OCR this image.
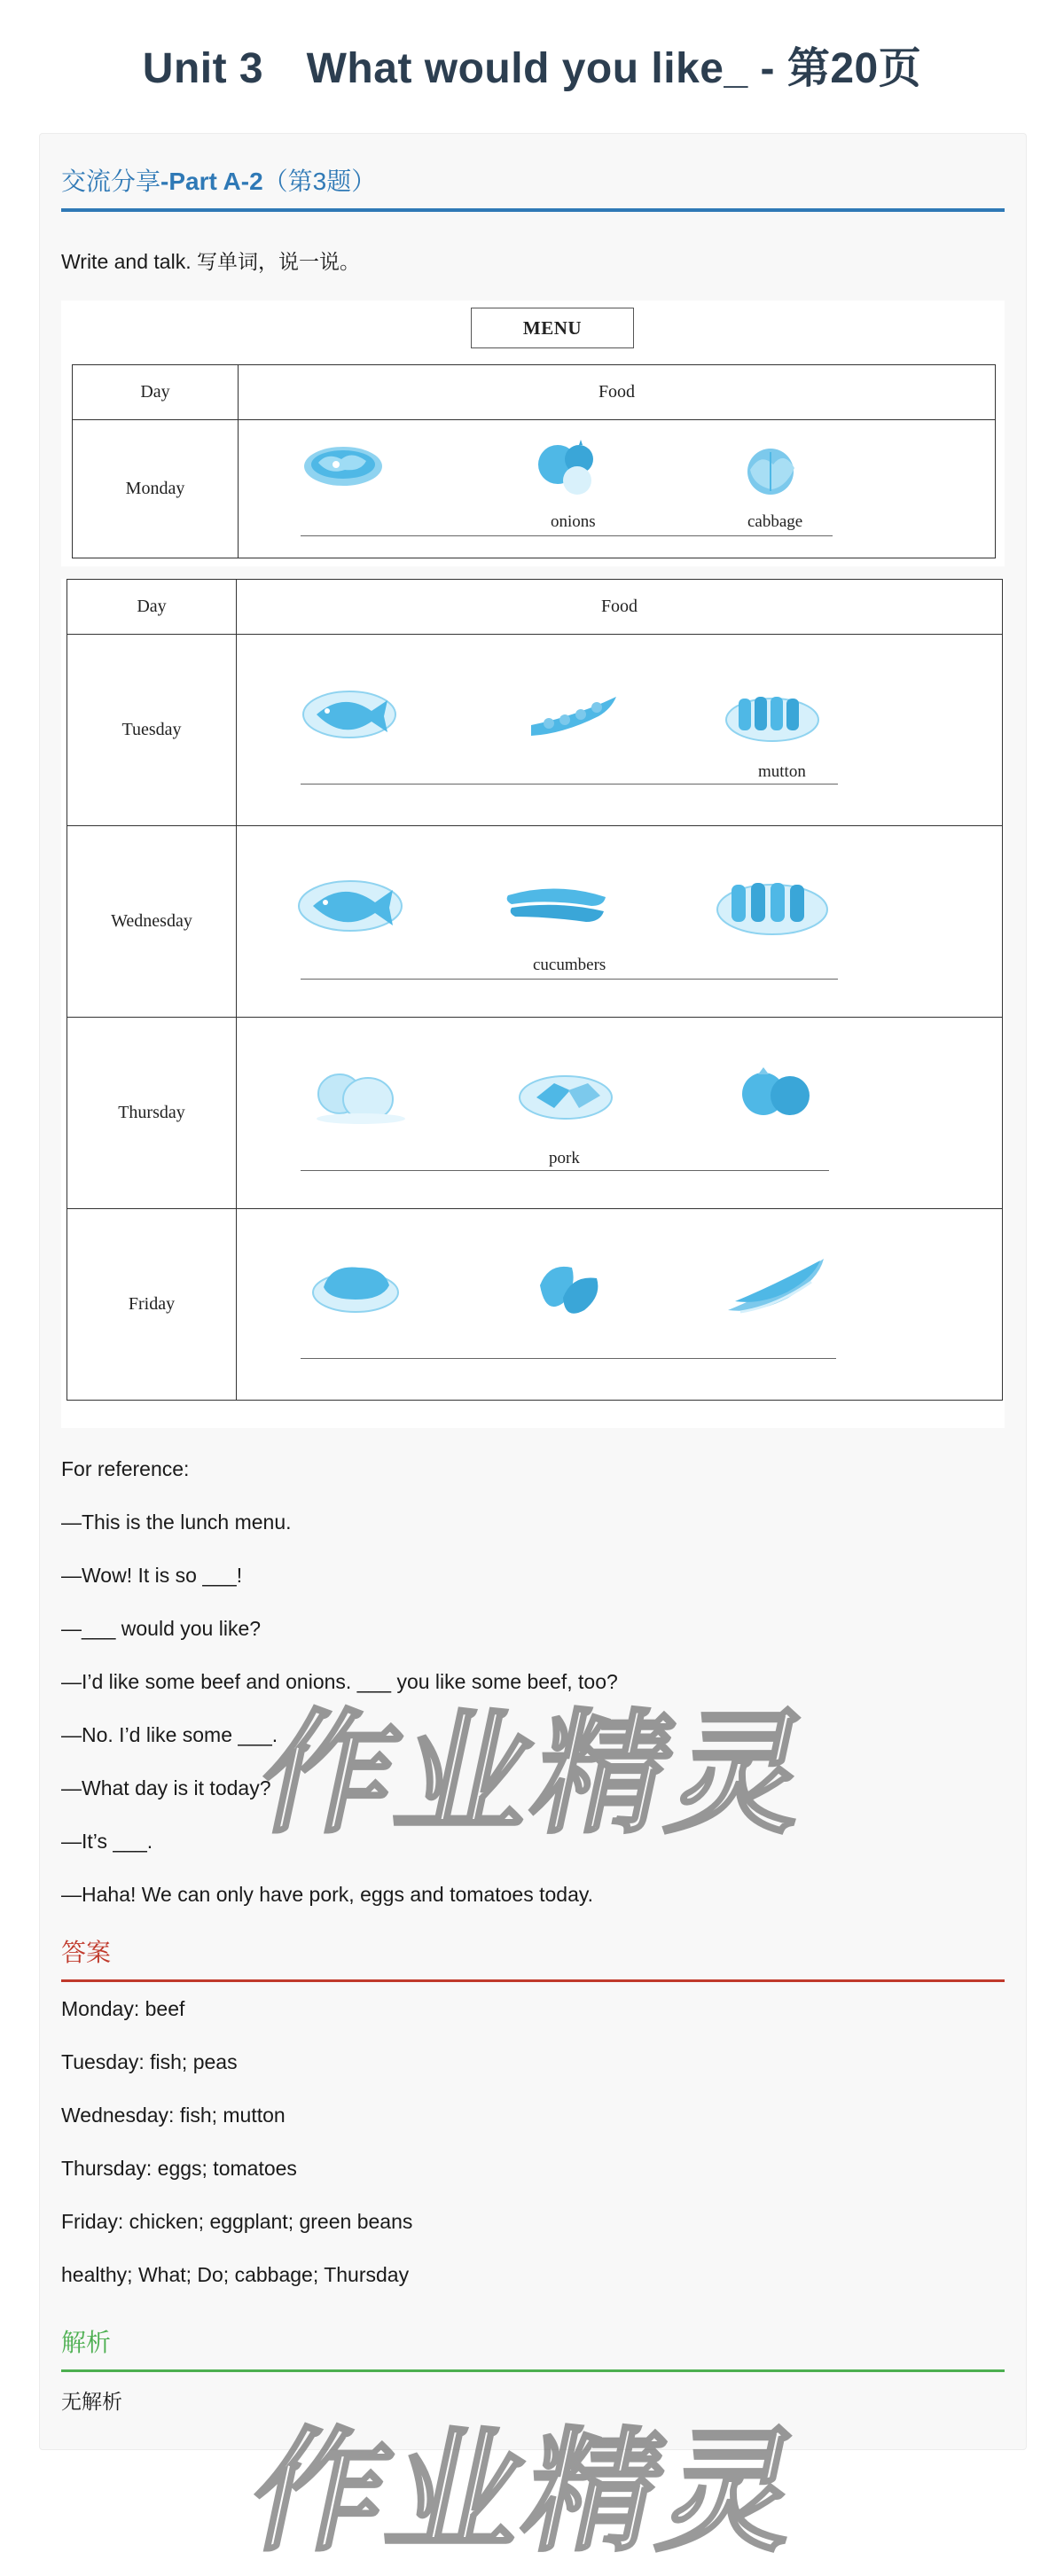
Unit 3　What would you like_ - 第20页
交流分享-Part A-2（第3题）
Write and talk. 写单词，说一说。
MENU
Day	Food
Monday	onions cabbage
Day	Food
Tuesday	mutton

Wednesday	cucumbers

Thursday	pork

Friday	
For reference:
—This is the lunch menu.
—Wow! It is so ___!
—___ would you like?
—I’d like some beef and onions. ___ you like some beef, too?
—No. I’d like some ___.
—What day is it today?
—It’s ___.
—Haha! We can only have pork, eggs and tomatoes today.
答案
Monday: beef
Tuesday: fish; peas
Wednesday: fish; mutton
Thursday: eggs; tomatoes
Friday: chicken; eggplant; green beans
healthy; What; Do; cabbage; Thursday
解析
无解析
作业精灵
